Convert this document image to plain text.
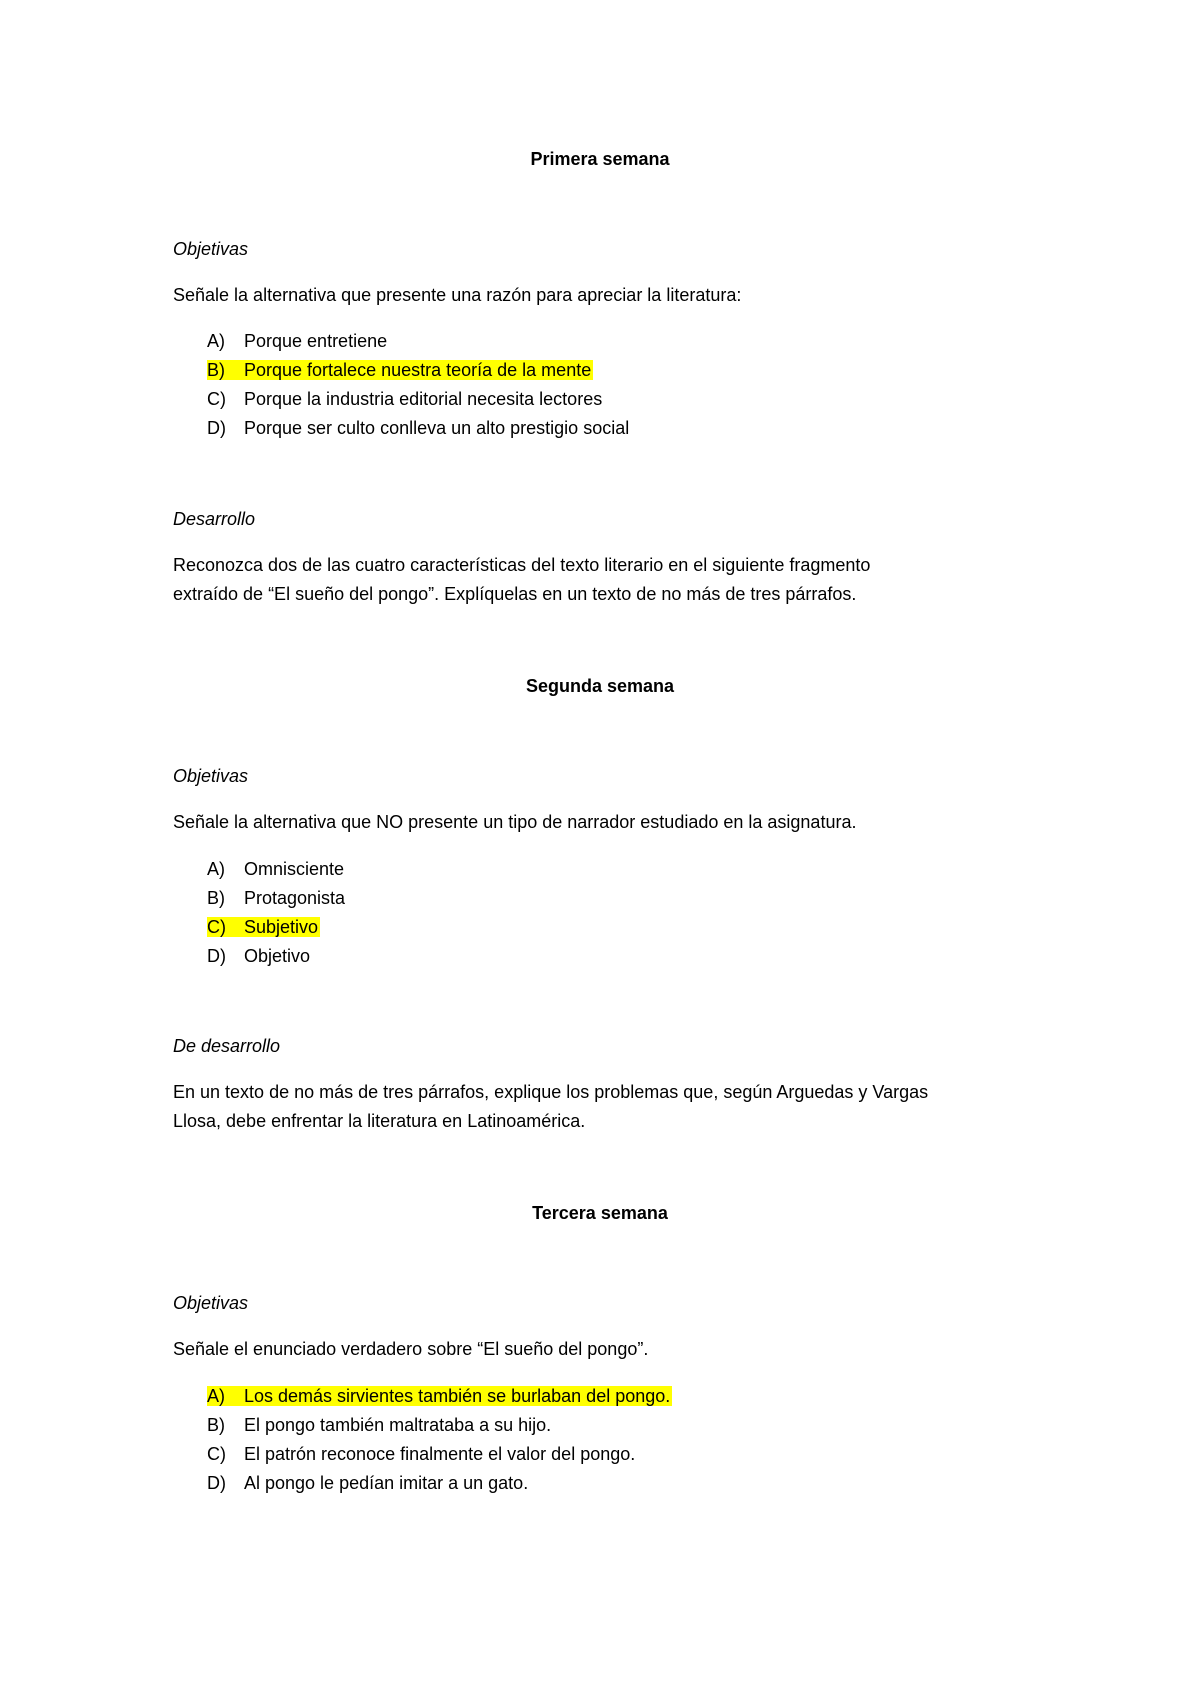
Primera semana
Objetivas
Señale la alternativa que presente una razón para apreciar la literatura:
A) Porque entretiene
B) Porque fortalece nuestra teoría de la mente
C) Porque la industria editorial necesita lectores
D) Porque ser culto conlleva un alto prestigio social
Desarrollo
Reconozca dos de las cuatro características del texto literario en el siguiente fragmento
extraído de “El sueño del pongo”. Explíquelas en un texto de no más de tres párrafos.
Segunda semana
Objetivas
Señale la alternativa que NO presente un tipo de narrador estudiado en la asignatura.
A) Omnisciente
B) Protagonista
C) Subjetivo
D) Objetivo
De desarrollo
En un texto de no más de tres párrafos, explique los problemas que, según Arguedas y Vargas
Llosa, debe enfrentar la literatura en Latinoamérica.
Tercera semana
Objetivas
Señale el enunciado verdadero sobre “El sueño del pongo”.
A) Los demás sirvientes también se burlaban del pongo.
B) El pongo también maltrataba a su hijo.
C) El patrón reconoce finalmente el valor del pongo.
D) Al pongo le pedían imitar a un gato.
